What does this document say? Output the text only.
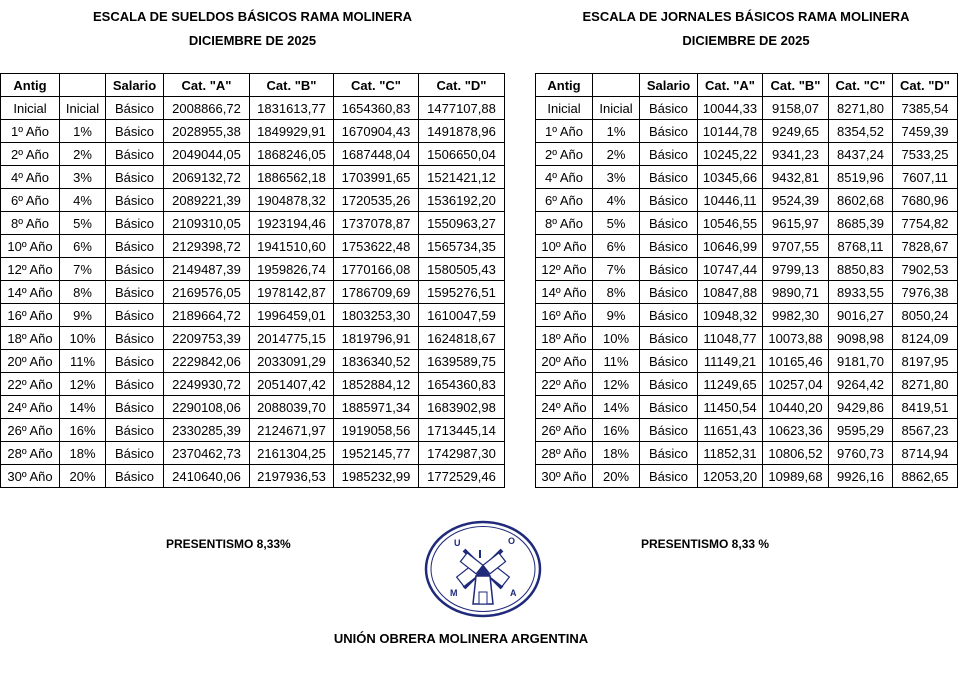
ESCALA DE SUELDOS BÁSICOS RAMA MOLINERA
DICIEMBRE DE 2025
ESCALA DE JORNALES BÁSICOS RAMA MOLINERA
DICIEMBRE DE 2025
Antig		Salario	Cat. "A"	Cat. "B"	Cat. "C"	Cat. "D"
Inicial	Inicial	Básico	2008866,72	1831613,77	1654360,83	1477107,88
1º Año	1%	Básico	2028955,38	1849929,91	1670904,43	1491878,96
2º Año	2%	Básico	2049044,05	1868246,05	1687448,04	1506650,04
4º Año	3%	Básico	2069132,72	1886562,18	1703991,65	1521421,12
6º Año	4%	Básico	2089221,39	1904878,32	1720535,26	1536192,20
8º Año	5%	Básico	2109310,05	1923194,46	1737078,87	1550963,27
10º Año	6%	Básico	2129398,72	1941510,60	1753622,48	1565734,35
12º Año	7%	Básico	2149487,39	1959826,74	1770166,08	1580505,43
14º Año	8%	Básico	2169576,05	1978142,87	1786709,69	1595276,51
16º Año	9%	Básico	2189664,72	1996459,01	1803253,30	1610047,59
18º Año	10%	Básico	2209753,39	2014775,15	1819796,91	1624818,67
20º Año	11%	Básico	2229842,06	2033091,29	1836340,52	1639589,75
22º Año	12%	Básico	2249930,72	2051407,42	1852884,12	1654360,83
24º Año	14%	Básico	2290108,06	2088039,70	1885971,34	1683902,98
26º Año	16%	Básico	2330285,39	2124671,97	1919058,56	1713445,14
28º Año	18%	Básico	2370462,73	2161304,25	1952145,77	1742987,30
30º Año	20%	Básico	2410640,06	2197936,53	1985232,99	1772529,46
Antig		Salario	Cat. "A"	Cat. "B"	Cat. "C"	Cat. "D"
Inicial	Inicial	Básico	10044,33	9158,07	8271,80	7385,54
1º Año	1%	Básico	10144,78	9249,65	8354,52	7459,39
2º Año	2%	Básico	10245,22	9341,23	8437,24	7533,25
4º Año	3%	Básico	10345,66	9432,81	8519,96	7607,11
6º Año	4%	Básico	10446,11	9524,39	8602,68	7680,96
8º Año	5%	Básico	10546,55	9615,97	8685,39	7754,82
10º Año	6%	Básico	10646,99	9707,55	8768,11	7828,67
12º Año	7%	Básico	10747,44	9799,13	8850,83	7902,53
14º Año	8%	Básico	10847,88	9890,71	8933,55	7976,38
16º Año	9%	Básico	10948,32	9982,30	9016,27	8050,24
18º Año	10%	Básico	11048,77	10073,88	9098,98	8124,09
20º Año	11%	Básico	11149,21	10165,46	9181,70	8197,95
22º Año	12%	Básico	11249,65	10257,04	9264,42	8271,80
24º Año	14%	Básico	11450,54	10440,20	9429,86	8419,51
26º Año	16%	Básico	11651,43	10623,36	9595,29	8567,23
28º Año	18%	Básico	11852,31	10806,52	9760,73	8714,94
30º Año	20%	Básico	12053,20	10989,68	9926,16	8862,65
PRESENTISMO 8,33%	PRESENTISMO 8,33 %
U	O
M	A
UNIÓN OBRERA MOLINERA ARGENTINA
